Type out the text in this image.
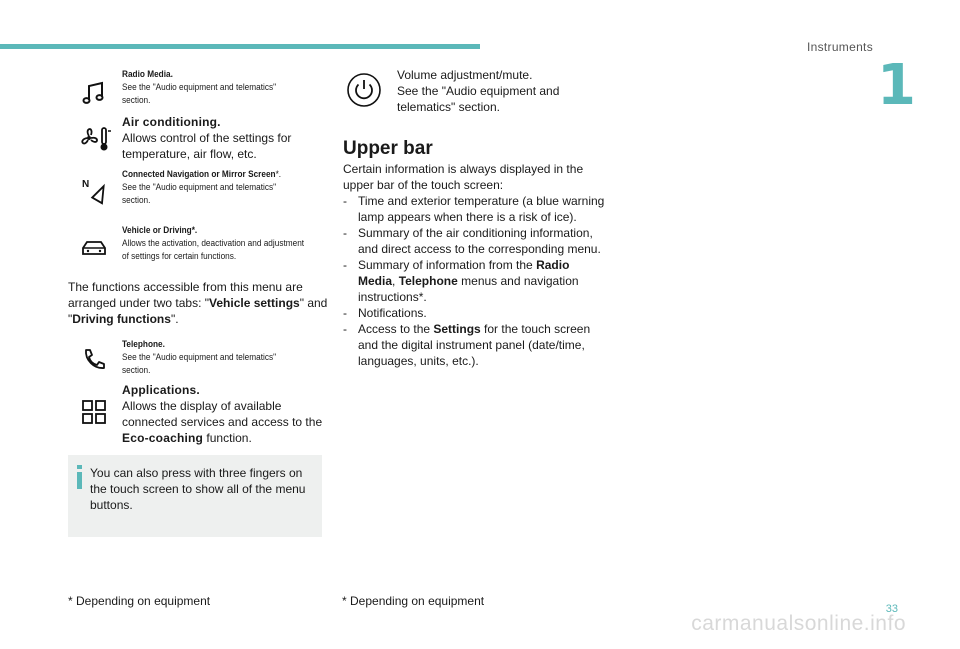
Instruments
1
Radio Media.
See the "Audio equipment and telematics" section.
Air conditioning.
Allows control of the settings for temperature, air flow, etc.
N
Connected Navigation or Mirror Screen*.
See the "Audio equipment and telematics" section.
Vehicle or Driving*.
Allows the activation, deactivation and adjustment of settings for certain functions.
The functions accessible from this menu are arranged under two tabs: "Vehicle settings" and "Driving functions".
Telephone.
See the "Audio equipment and telematics" section.
Applications.
Allows the display of available connected services and access to the Eco-coaching function.
You can also press with three fingers on the touch screen to show all of the menu buttons.
* Depending on equipment
Volume adjustment/mute.
See the "Audio equipment and telematics" section.
Upper bar
Certain information is always displayed in the upper bar of the touch screen:
- Time and exterior temperature (a blue warning lamp appears when there is a risk of ice).
- Summary of the air conditioning information, and direct access to the corresponding menu.
- Summary of information from the Radio Media, Telephone menus and navigation instructions*.
- Notifications.
- Access to the Settings for the touch screen and the digital instrument panel (date/time, languages, units, etc.).
* Depending on equipment
33
carmanualsonline.info
